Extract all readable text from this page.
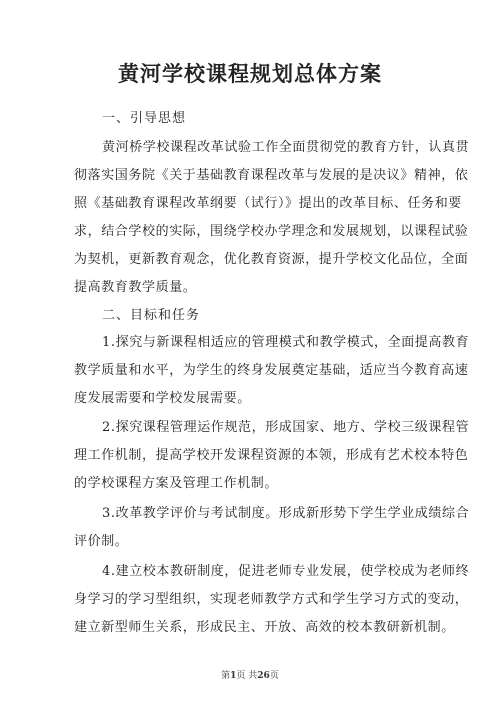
黄河学校课程规划总体方案
一、引导思想
黄河桥学校课程改革试验工作全面贯彻党的教育方针，认真贯
彻落实国务院《关于基础教育课程改革与发展的是决议》精神，依
照《基础教育课程改革纲要（试行）》提出的改革目标、任务和要
求，结合学校的实际，围绕学校办学理念和发展规划，以课程试验
为契机，更新教育观念，优化教育资源，提升学校文化品位，全面
提高教育教学质量。
二、目标和任务
1.探究与新课程相适应的管理模式和教学模式，全面提高教育
教学质量和水平，为学生的终身发展奠定基础，适应当今教育高速
度发展需要和学校发展需要。
2.探究课程管理运作规范，形成国家、地方、学校三级课程管
理工作机制，提高学校开发课程资源的本领，形成有艺术校本特色
的学校课程方案及管理工作机制。
3.改革教学评价与考试制度。形成新形势下学生学业成绩综合
评价制。
4.建立校本教研制度，促进老师专业发展，使学校成为老师终
身学习的学习型组织，实现老师教学方式和学生学习方式的变动，
建立新型师生关系，形成民主、开放、高效的校本教研新机制。
第1页 共26页
